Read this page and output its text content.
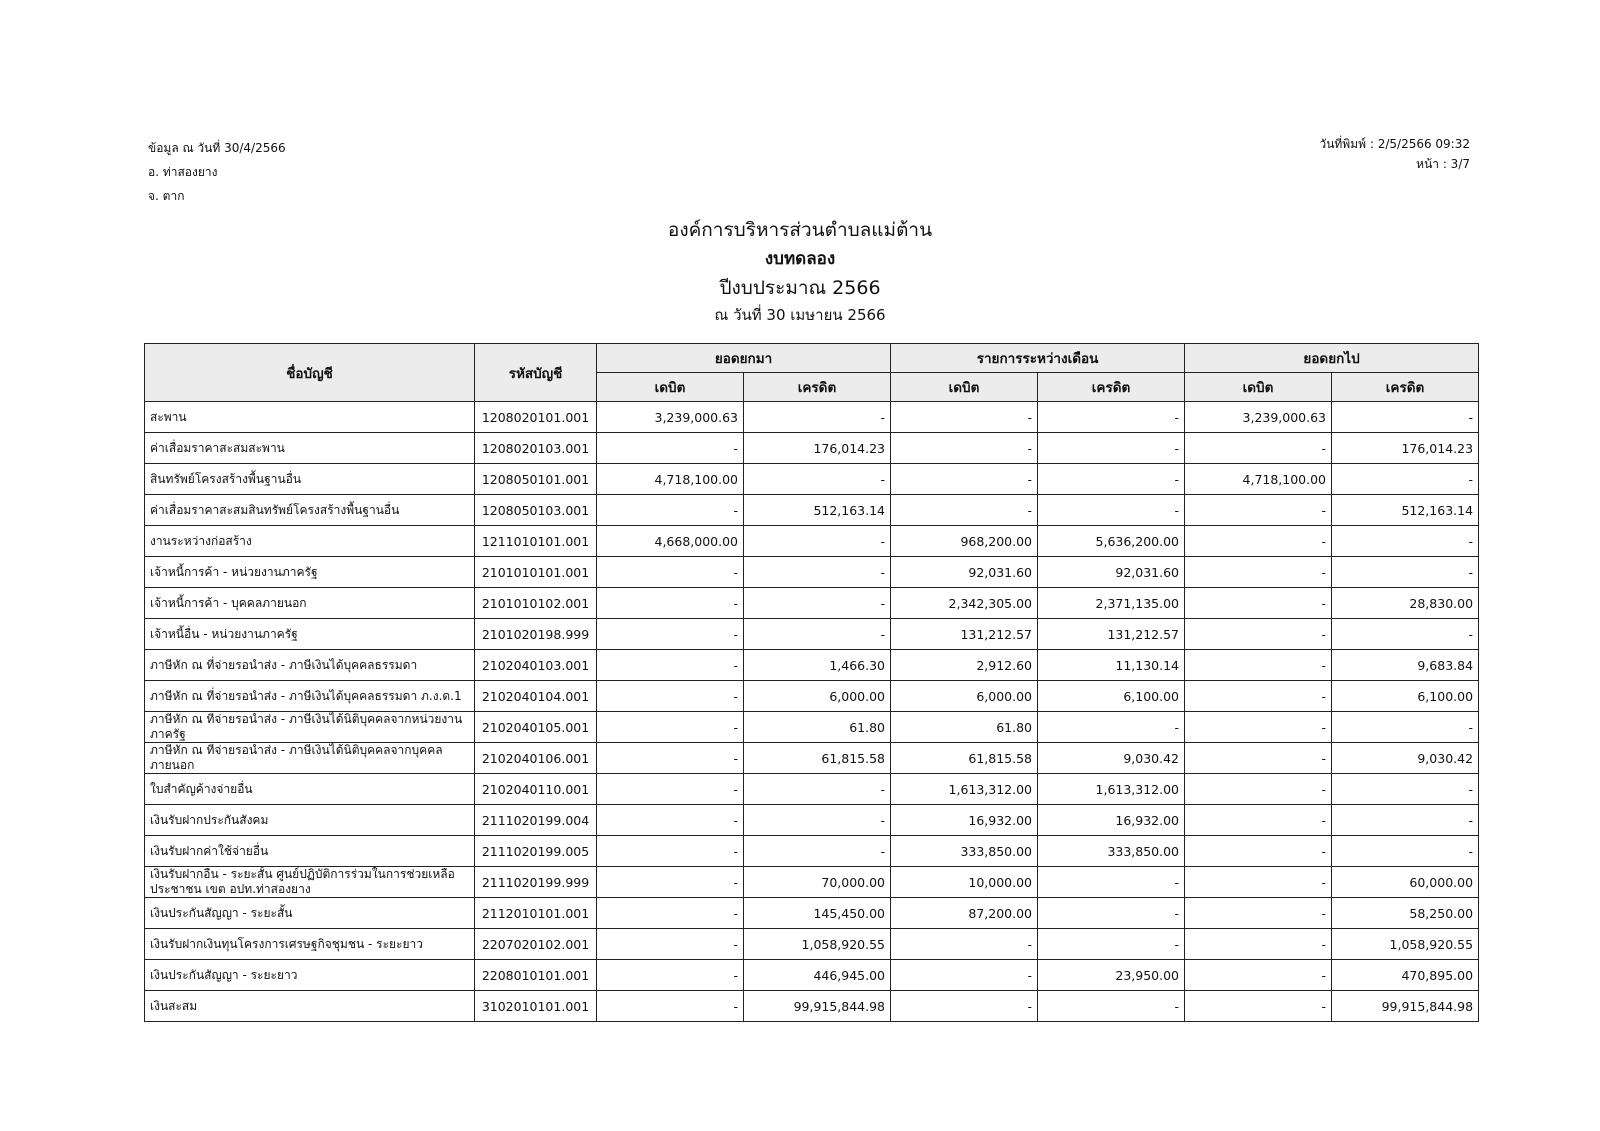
ข้อมูล ณ วันที่ 30/4/2566
อ. ท่าสองยาง
จ. ตาก
วันที่พิมพ์ : 2/5/2566 09:32
หน้า : 3/7
องค์การบริหารส่วนตำบลแม่ต้าน
งบทดลอง
ปีงบประมาณ 2566
ณ วันที่ 30 เมษายน 2566
ชื่อบัญชี	รหัสบัญชี	ยอดยกมา		รายการระหว่างเดือน		ยอดยกไป	
		เดบิต	เครดิต	เดบิต	เครดิต	เดบิต	เครดิต
สะพาน	1208020101.001	3,239,000.63	-	-	-	3,239,000.63	-
ค่าเสื่อมราคาสะสมสะพาน	1208020103.001	-	176,014.23	-	-	-	176,014.23
สินทรัพย์โครงสร้างพื้นฐานอื่น	1208050101.001	4,718,100.00	-	-	-	4,718,100.00	-
ค่าเสื่อมราคาสะสมสินทรัพย์โครงสร้างพื้นฐานอื่น	1208050103.001	-	512,163.14	-	-	-	512,163.14
งานระหว่างก่อสร้าง	1211010101.001	4,668,000.00	-	968,200.00	5,636,200.00	-	-
เจ้าหนี้การค้า - หน่วยงานภาครัฐ	2101010101.001	-	-	92,031.60	92,031.60	-	-
เจ้าหนี้การค้า - บุคคลภายนอก	2101010102.001	-	-	2,342,305.00	2,371,135.00	-	28,830.00
เจ้าหนี้อื่น - หน่วยงานภาครัฐ	2101020198.999	-	-	131,212.57	131,212.57	-	-
ภาษีหัก ณ ที่จ่ายรอนำส่ง - ภาษีเงินได้บุคคลธรรมดา	2102040103.001	-	1,466.30	2,912.60	11,130.14	-	9,683.84
ภาษีหัก ณ ที่จ่ายรอนำส่ง - ภาษีเงินได้บุคคลธรรมดา ภ.ง.ด.1	2102040104.001	-	6,000.00	6,000.00	6,100.00	-	6,100.00
ภาษีหัก ณ ที่จ่ายรอนำส่ง - ภาษีเงินได้นิติบุคคลจากหน่วยงานภาครัฐ	2102040105.001	-	61.80	61.80	-	-	-
ภาษีหัก ณ ที่จ่ายรอนำส่ง - ภาษีเงินได้นิติบุคคลจากบุคคลภายนอก	2102040106.001	-	61,815.58	61,815.58	9,030.42	-	9,030.42
ใบสำคัญค้างจ่ายอื่น	2102040110.001	-	-	1,613,312.00	1,613,312.00	-	-
เงินรับฝากประกันสังคม	2111020199.004	-	-	16,932.00	16,932.00	-	-
เงินรับฝากค่าใช้จ่ายอื่น	2111020199.005	-	-	333,850.00	333,850.00	-	-
เงินรับฝากอื่น - ระยะสั้น ศูนย์ปฏิบัติการร่วมในการช่วยเหลือประชาชน เขต อปท.ท่าสองยาง	2111020199.999	-	70,000.00	10,000.00	-	-	60,000.00
เงินประกันสัญญา - ระยะสั้น	2112010101.001	-	145,450.00	87,200.00	-	-	58,250.00
เงินรับฝากเงินทุนโครงการเศรษฐกิจชุมชน - ระยะยาว	2207020102.001	-	1,058,920.55	-	-	-	1,058,920.55
เงินประกันสัญญา - ระยะยาว	2208010101.001	-	446,945.00	-	23,950.00	-	470,895.00
เงินสะสม	3102010101.001	-	99,915,844.98	-	-	-	99,915,844.98
